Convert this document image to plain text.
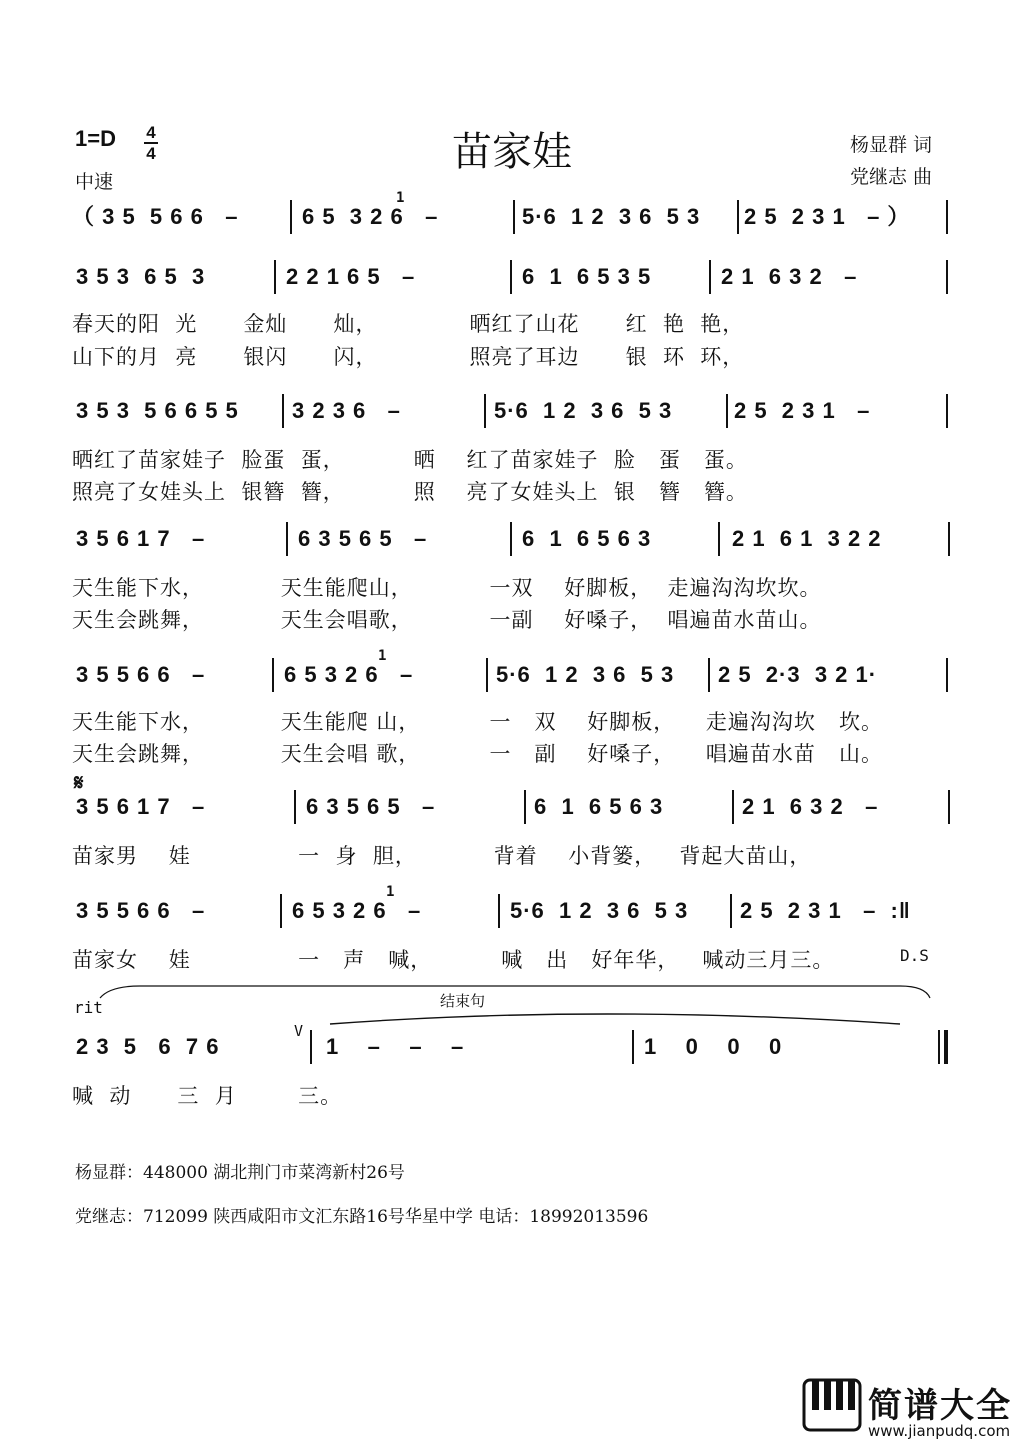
1=D 4
4	苗家娃
中速
杨显群 词
党继志 曲
（ 3 5  5 6 6   –	6 5  3 2 6   –
1
5·6  1 2  3 6  5 3 2 5  2 3 1   – ）
3 5 3  6 5  3	2 2 1 6 5   –	6  1  6 5 3 5	2 1  6 3 2   –
春天的阳  光      金灿      灿，            晒红了山花      红  艳  艳，
山下的月  亮      银闪      闪，            照亮了耳边      银  环  环，
3 5 3  5 6 6 5 5 3 2 3 6   –	5·6  1 2  3 6  5 3	2 5  2 3 1   –
晒红了苗家娃子  脸蛋  蛋，         晒    红了苗家娃子  脸   蛋   蛋。
照亮了女娃头上  银簪  簪，         照    亮了女娃头上  银   簪   簪。
3 5 6 1 7   –	6 3 5 6 5   –	6  1  6 5 6 3	2 1  6 1  3 2 2
天生能下水，          天生能爬山，          一双    好脚板，  走遍沟沟坎坎。
天生会跳舞，          天生会唱歌，          一副    好嗓子，  唱遍苗水苗山。
3 5 5 6 6   –	6 5 3 2 6   –
1
5·6  1 2  3 6  5 3 2 5  2·3  3 2 1·
天生能下水，          天生能爬 山，         一   双    好脚板，    走遍沟沟坎   坎。
天生会跳舞，          天生会唱 歌，         一   副    好嗓子，    唱遍苗水苗   山。
𝄋
3 5 6 1 7   –	6 3 5 6 5   –	6  1  6 5 6 3	2 1  6 3 2   –
苗家男    娃              一  身  胆，          背着    小背篓，   背起大苗山，
3 5 5 6 6   –	6 5 3 2 6   –
1
5·6  1 2  3 6  5 3 2 5  2 3 1   –  :‖
苗家女    娃              一   声   喊，         喊   出   好年华，   喊动三月三。	D.S
rit	结束句
V
2 3  5   6  7 6	1    –    –    –	1    0    0    0
喊  动      三  月        三。
杨显群：448000 湖北荆门市菜湾新村26号
党继志：712099 陕西咸阳市文汇东路16号华星中学 电话：18992013596
简谱大全
www.jianpudq.com
